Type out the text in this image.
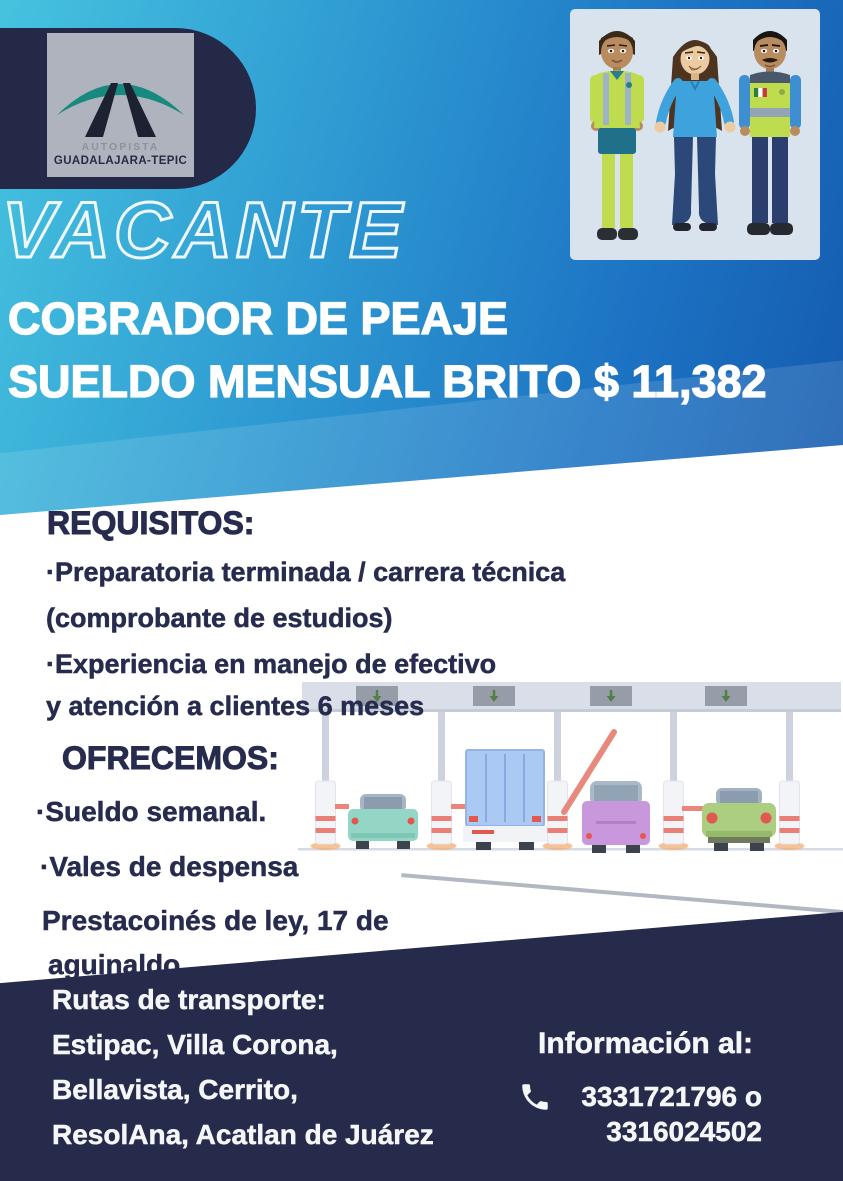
AUTOPISTA
GUADALAJARA-TEPIC
VACANTE
COBRADOR DE PEAJE
SUELDO MENSUAL BRITO $ 11,382
REQUISITOS:
·Preparatoria terminada / carrera técnica
(comprobante de estudios)
·Experiencia en manejo de efectivo
y atención a clientes 6 meses
OFRECEMOS:
·Sueldo semanal.
·Vales de despensa
Prestacoinés de ley, 17 de
aguinaldo.
Rutas de transporte:
Estipac, Villa Corona,
Bellavista, Cerrito,
ResolAna, Acatlan de Juárez
Información al:
3331721796 o
3316024502
